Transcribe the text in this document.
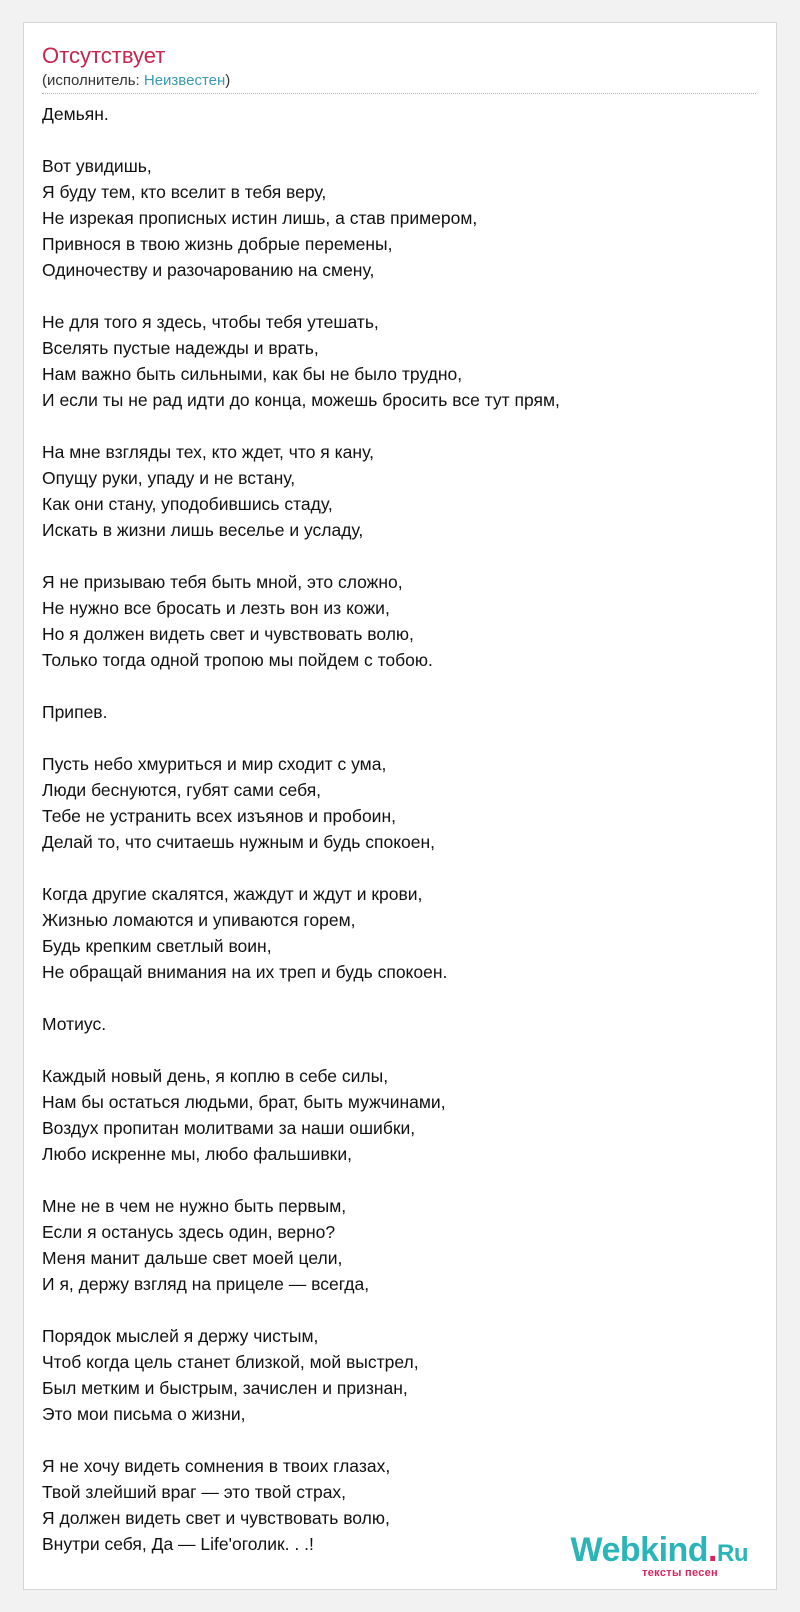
Отсутствует
(исполнитель: Неизвестен)
Демьян.
Вот увидишь,
Я буду тем, кто вселит в тебя веру,
Не изрекая прописных истин лишь, а став примером,
Привнося в твою жизнь добрые перемены,
Одиночеству и разочарованию на смену,
Не для того я здесь, чтобы тебя утешать,
Вселять пустые надежды и врать,
Нам важно быть сильными, как бы не было трудно,
И если ты не рад идти до конца, можешь бросить все тут прям,
На мне взгляды тех, кто ждет, что я кану,
Опущу руки, упаду и не встану,
Как они стану, уподобившись стаду,
Искать в жизни лишь веселье и усладу,
Я не призываю тебя быть мной, это сложно,
Не нужно все бросать и лезть вон из кожи,
Но я должен видеть свет и чувствовать волю,
Только тогда одной тропою мы пойдем с тобою.
Припев.
Пусть небо хмуриться и мир сходит с ума,
Люди беснуются, губят сами себя,
Тебе не устранить всех изъянов и пробоин,
Делай то, что считаешь нужным и будь спокоен,
Когда другие скалятся, жаждут и ждут и крови,
Жизнью ломаются и упиваются горем,
Будь крепким светлый воин,
Не обращай внимания на их треп и будь спокоен.
Мотиус.
Каждый новый день, я коплю в себе силы,
Нам бы остаться людьми, брат, быть мужчинами,
Воздух пропитан молитвами за наши ошибки,
Любо искренне мы, любо фальшивки,
Мне не в чем не нужно быть первым,
Если я останусь здесь один, верно?
Меня манит дальше свет моей цели,
И я, держу взгляд на прицеле — всегда,
Порядок мыслей я держу чистым,
Чтоб когда цель станет близкой, мой выстрел,
Был метким и быстрым, зачислен и признан,
Это мои письма о жизни,
Я не хочу видеть сомнения в твоих глазах,
Твой злейший враг — это твой страх,
Я должен видеть свет и чувствовать волю,
Внутри себя, Да — Life'оголик. . .!	Webkind.Ru
тексты песен
